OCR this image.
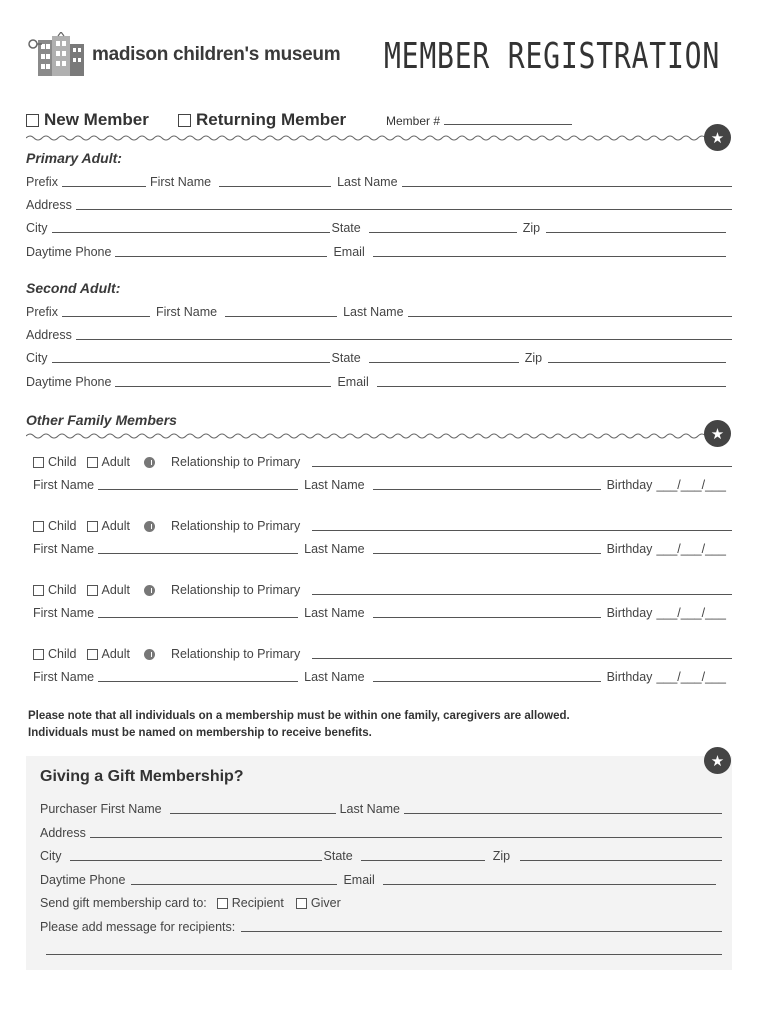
madison children's museum MEMBER REGISTRATION
New Member	Returning Member	Member #
★
Primary Adult:
Prefix	First Name	Last Name
Address
City	State	Zip
Daytime Phone	Email
Second Adult:
Prefix	First Name	Last Name
Address
City	State	Zip
Daytime Phone	Email
Other Family Members
★
Child Adult	Relationship to Primary
First Name	Last Name	Birthday ___/___/___
Child Adult	Relationship to Primary
First Name	Last Name	Birthday ___/___/___
Child Adult	Relationship to Primary
First Name	Last Name	Birthday ___/___/___
Child Adult	Relationship to Primary
First Name	Last Name	Birthday ___/___/___
Please note that all individuals on a membership must be within one family, caregivers are allowed.
Individuals must be named on membership to receive benefits.
★
Giving a Gift Membership?
Purchaser First Name	Last Name
Address
City	State	Zip
Daytime Phone	Email
Send gift membership card to: Recipient Giver
Please add message for recipients:
